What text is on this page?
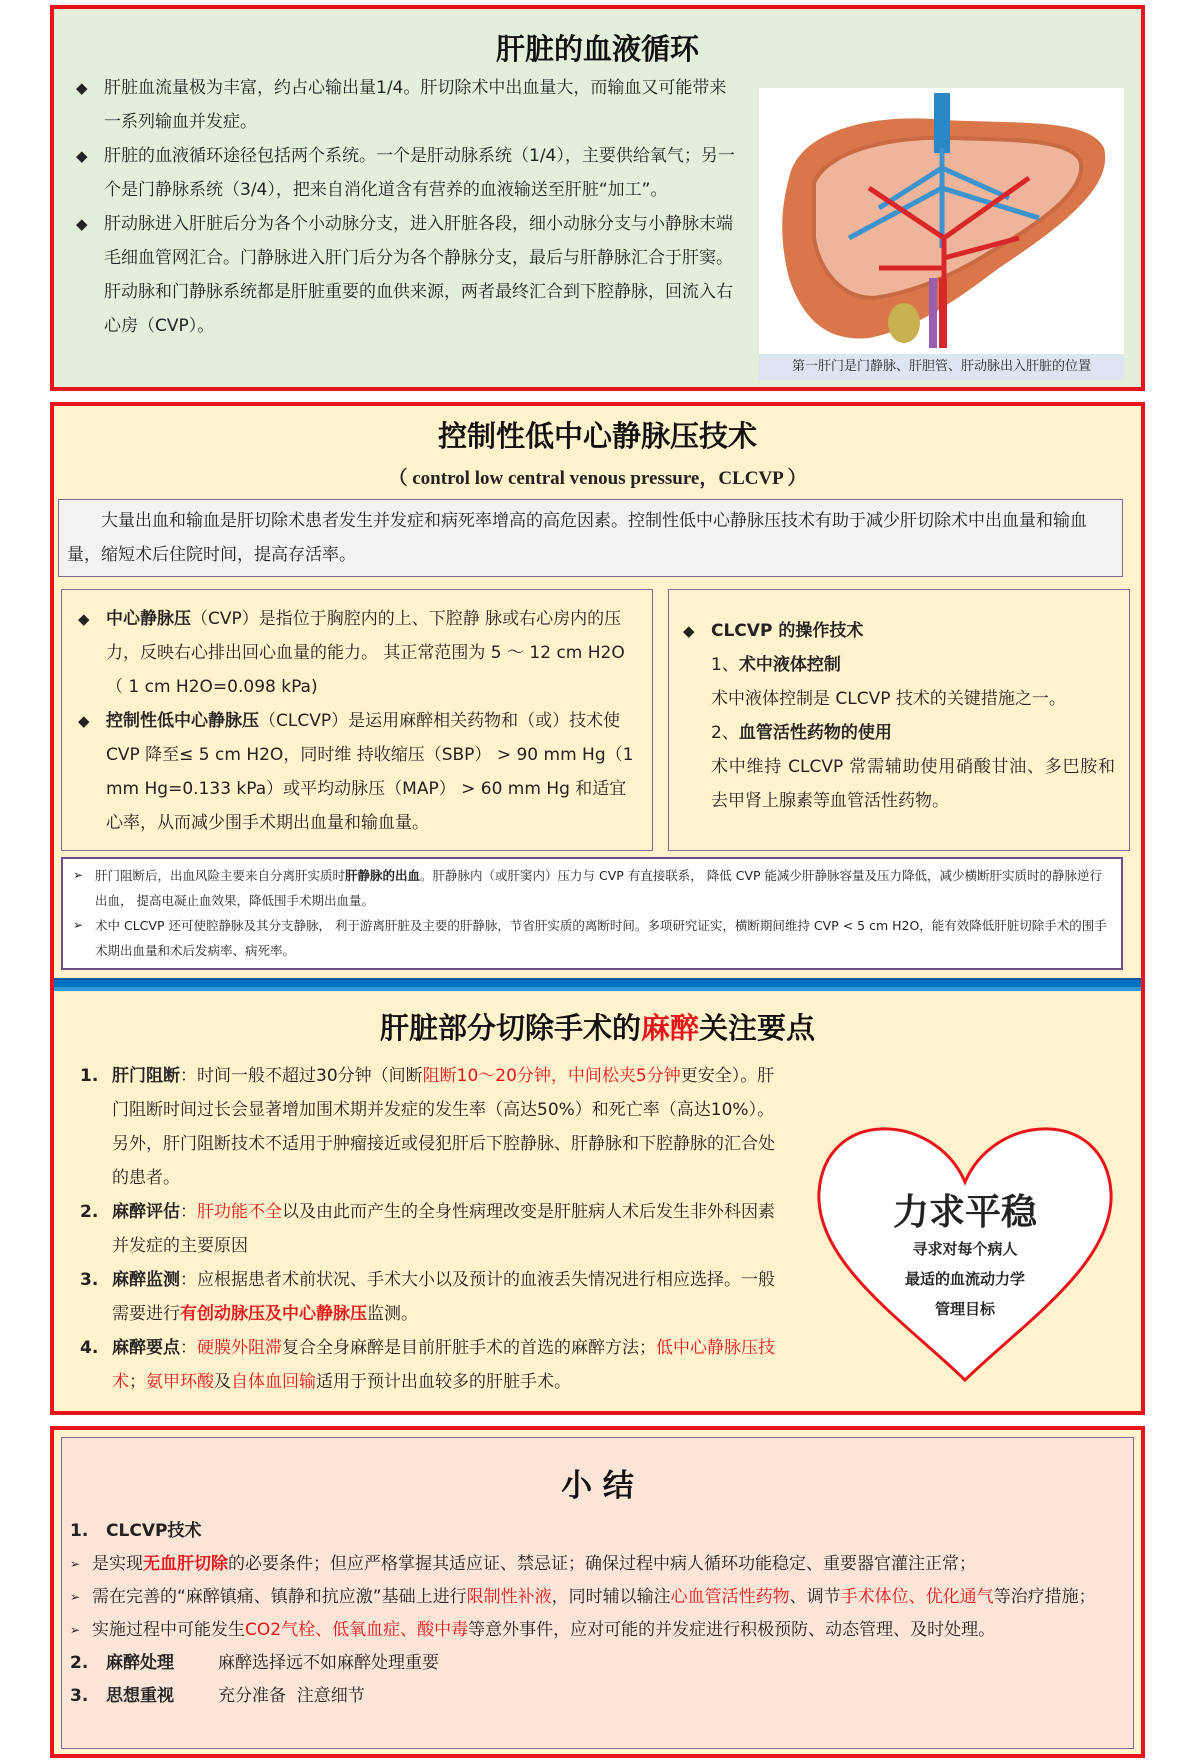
肝脏的血液循环
◆ 肝脏血流量极为丰富，约占心输出量1/4。肝切除术中出血量大，而输血又可能带来一系列输血并发症。
◆ 肝脏的血液循环途径包括两个系统。一个是肝动脉系统（1/4），主要供给氧气；另一个是门静脉系统（3/4），把来自消化道含有营养的血液输送至肝脏“加工”。
◆ 肝动脉进入肝脏后分为各个小动脉分支，进入肝脏各段，细小动脉分支与小静脉末端毛细血管网汇合。门静脉进入肝门后分为各个静脉分支，最后与肝静脉汇合于肝窦。肝动脉和门静脉系统都是肝脏重要的血供来源，两者最终汇合到下腔静脉，回流入右心房（CVP）。
第一肝门是门静脉、肝胆管、肝动脉出入肝脏的位置
控制性低中心静脉压技术
（ control low central venous pressure，CLCVP ）

大量出血和输血是肝切除术患者发生并发症和病死率增高的高危因素。控制性低中心静脉压技术有助于减少肝切除术中出血量和输血量，缩短术后住院时间，提高存活率。

◆ 中心静脉压（CVP）是指位于胸腔内的上、下腔静 脉或右心房内的压力，反映右心排出回心血量的能力。 其正常范围为 5 ～ 12 cm H2O （ 1 cm H2O=0.098 kPa)
◆ 控制性低中心静脉压（CLCVP）是运用麻醉相关药物和（或）技术使 CVP 降至≤ 5 cm H2O，同时维 持收缩压（SBP） > 90 mm Hg（1 mm Hg=0.133 kPa）或平均动脉压（MAP） > 60 mm Hg 和适宜心率，从而减少围手术期出血量和输血量。
◆ CLCVP 的操作技术
1、术中液体控制
术中液体控制是 CLCVP 技术的关键措施之一。
2、血管活性药物的使用
术中维持 CLCVP 常需辅助使用硝酸甘油、多巴胺和去甲肾上腺素等血管活性药物。
➢ 肝门阻断后，出血风险主要来自分离肝实质时肝静脉的出血。肝静脉内（或肝窦内）压力与 CVP 有直接联系， 降低 CVP 能减少肝静脉容量及压力降低，减少横断肝实质时的静脉逆行出血， 提高电凝止血效果，降低围手术期出血量。
➢ 术中 CLCVP 还可使腔静脉及其分支静脉， 利于游离肝脏及主要的肝静脉，节省肝实质的离断时间。多项研究证实，横断期间维持 CVP < 5 cm H2O，能有效降低肝脏切除手术的围手术期出血量和术后发病率、病死率。
肝脏部分切除手术的麻醉关注要点
1. 肝门阻断：时间一般不超过30分钟（间断阻断10～20分钟，中间松夹5分钟更安全）。肝门阻断时间过长会显著增加围术期并发症的发生率（高达50%）和死亡率（高达10%）。另外，肝门阻断技术不适用于肿瘤接近或侵犯肝后下腔静脉、肝静脉和下腔静脉的汇合处的患者。
2. 麻醉评估：肝功能不全以及由此而产生的全身性病理改变是肝脏病人术后发生非外科因素并发症的主要原因
3. 麻醉监测：应根据患者术前状况、手术大小以及预计的血液丢失情况进行相应选择。一般需要进行有创动脉压及中心静脉压监测。
4. 麻醉要点：硬膜外阻滞复合全身麻醉是目前肝脏手术的首选的麻醉方法；低中心静脉压技术；氨甲环酸及自体血回输适用于预计出血较多的肝脏手术。
力求平稳
寻求对每个病人
最适的血流动力学
管理目标
小 结
1.   CLCVP技术
➢ 是实现无血肝切除的必要条件；但应严格掌握其适应证、禁忌证；确保过程中病人循环功能稳定、重要器官灌注正常；
➢ 需在完善的“麻醉镇痛、镇静和抗应激”基础上进行限制性补液，同时辅以输注心血管活性药物、调节手术体位、优化通气等治疗措施；
➢ 实施过程中可能发生CO2气栓、低氧血症、酸中毒等意外事件，应对可能的并发症进行积极预防、动态管理、及时处理。
2.   麻醉处理	麻醉选择远不如麻醉处理重要
3.   思想重视	充分准备  注意细节
